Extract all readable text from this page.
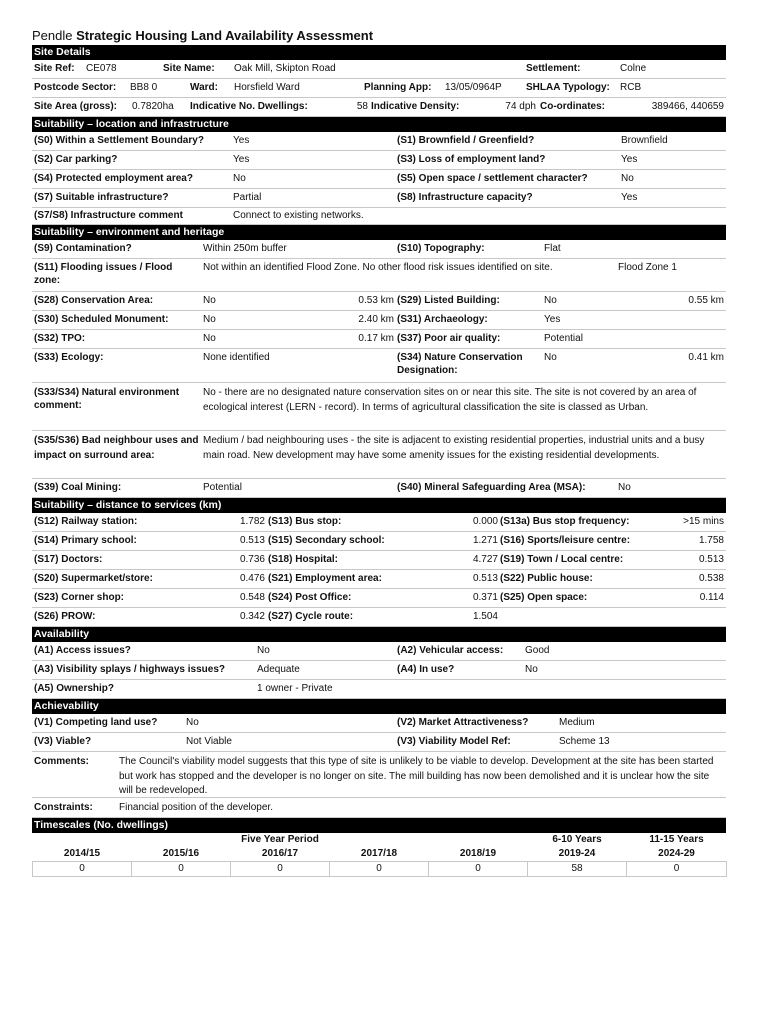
Pendle Strategic Housing Land Availability Assessment
Site Details
Site Ref: CE078	Site Name: Oak Mill, Skipton Road	Settlement:	Colne
Postcode Sector: BB8 0	Ward: Horsfield Ward	Planning App: 13/05/0964P SHLAA Typology: RCB
Site Area (gross): 0.7820ha Indicative No. Dwellings:	58 Indicative Density:	74 dph Co-ordinates:	389466, 440659
Suitability – location and infrastructure
(S0) Within a Settlement Boundary?	Yes	(S1) Brownfield / Greenfield?	Brownfield
(S2) Car parking?	Yes	(S3) Loss of employment land?	Yes
(S4) Protected employment area?	No	(S5) Open space / settlement character?	No
(S7) Suitable infrastructure?	Partial	(S8) Infrastructure capacity?	Yes
(S7/S8) Infrastructure comment	Connect to existing networks.
Suitability – environment and heritage
(S9) Contamination?	Within 250m buffer	(S10) Topography:	Flat
(S11) Flooding issues / Flood zone:
Not within an identified Flood Zone. No other flood risk issues identified on site.	Flood Zone 1
(S28) Conservation Area:	No	0.53 km (S29) Listed Building:	No	0.55 km
(S30) Scheduled Monument:	No	2.40 km (S31) Archaeology:	Yes
(S32) TPO:	No	0.17 km (S37) Poor air quality:	Potential
(S33) Ecology:	None identified	(S34) Nature Conservation Designation:
No	0.41 km
(S33/S34) Natural environment comment:
No - there are no designated nature conservation sites on or near this site. The site is not covered by an area of ecological interest (LERN - record). In terms of agricultural classification the site is classed as Urban.
(S35/S36) Bad neighbour uses and impact on surround area:
Medium / bad neighbouring uses - the site is adjacent to existing residential properties, industrial units and a busy main road. New development may have some amenity issues for the existing residential developments.
(S39) Coal Mining:	Potential	(S40) Mineral Safeguarding Area (MSA):	No
Suitability – distance to services (km)
(S12) Railway station:	1.782 (S13) Bus stop:	0.000 (S13a) Bus stop frequency:	>15 mins
(S14) Primary school:	0.513 (S15) Secondary school:	1.271 (S16) Sports/leisure centre:	1.758
(S17) Doctors:	0.736 (S18) Hospital:	4.727 (S19) Town / Local centre:	0.513
(S20) Supermarket/store:	0.476 (S21) Employment area:	0.513 (S22) Public house:	0.538
(S23) Corner shop:	0.548 (S24) Post Office:	0.371 (S25) Open space:	0.114
(S26) PROW:	0.342 (S27) Cycle route:	1.504
Availability
(A1) Access issues?	No	(A2) Vehicular access: Good
(A3) Visibility splays / highways issues?	Adequate	(A4) In use?	No
(A5) Ownership?	1 owner - Private
Achievability
(V1) Competing land use?	No	(V2) Market Attractiveness?	Medium
(V3) Viable?	Not Viable	(V3) Viability Model Ref:	Scheme 13
Comments:	The Council's viability model suggests that this type of site is unlikely to be viable to develop. Development at the site has been started but work has stopped and the developer is no longer on site. The mill building has now been demolished and it is unclear how the site will be redeveloped.
Constraints:	Financial position of the developer.
Timescales (No. dwellings)
		Five Year Period			6-10 Years	11-15 Years
2014/15	2015/16	2016/17	2017/18	2018/19	2019-24	2024-29
0	0	0	0	0	58	0
